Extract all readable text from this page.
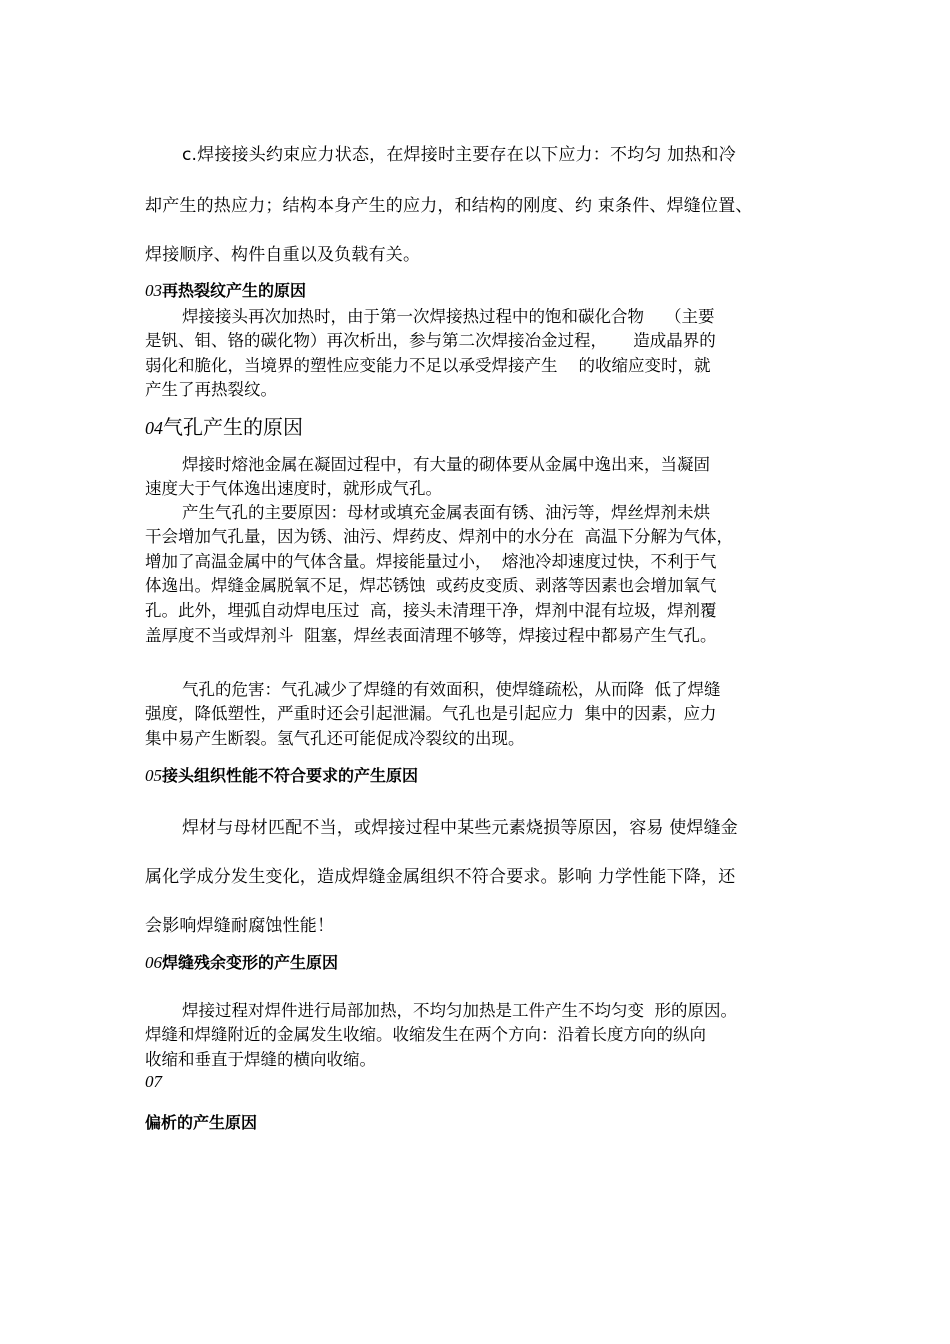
c.焊接接头约束应力状态，在焊接时主要存在以下应力：不均匀 加热和冷
却产生的热应力；结构本身产生的应力，和结构的刚度、约 束条件、焊缝位置、
焊接顺序、构件自重以及负载有关。
03再热裂纹产生的原因
焊接接头再次加热时，由于第一次焊接热过程中的饱和碳化合物    （主要
是钒、钼、铬的碳化物）再次析出，参与第二次焊接冶金过程，     造成晶界的
弱化和脆化，当境界的塑性应变能力不足以承受焊接产生    的收缩应变时，就
产生了再热裂纹。
04气孔产生的原因
焊接时熔池金属在凝固过程中，有大量的砌体要从金属中逸出来，当凝固
速度大于气体逸出速度时，就形成气孔。
产生气孔的主要原因：母材或填充金属表面有锈、油污等，焊丝焊剂未烘
干会增加气孔量，因为锈、油污、焊药皮、焊剂中的水分在  高温下分解为气体，
增加了高温金属中的气体含量。焊接能量过小，  熔池冷却速度过快，不利于气
体逸出。焊缝金属脱氧不足，焊芯锈蚀  或药皮变质、剥落等因素也会增加氧气
孔。此外，埋弧自动焊电压过  高，接头未清理干净，焊剂中混有垃圾，焊剂覆
盖厚度不当或焊剂斗  阻塞，焊丝表面清理不够等，焊接过程中都易产生气孔。
气孔的危害：气孔减少了焊缝的有效面积，使焊缝疏松，从而降  低了焊缝
强度，降低塑性，严重时还会引起泄漏。气孔也是引起应力  集中的因素，应力
集中易产生断裂。氢气孔还可能促成冷裂纹的出现。
05接头组织性能不符合要求的产生原因
焊材与母材匹配不当，或焊接过程中某些元素烧损等原因，容易 使焊缝金
属化学成分发生变化，造成焊缝金属组织不符合要求。影响 力学性能下降，还
会影响焊缝耐腐蚀性能！
06焊缝残余变形的产生原因
焊接过程对焊件进行局部加热，不均匀加热是工件产生不均匀变  形的原因。
焊缝和焊缝附近的金属发生收缩。收缩发生在两个方向：沿着长度方向的纵向
收缩和垂直于焊缝的横向收缩。
07
偏析的产生原因
